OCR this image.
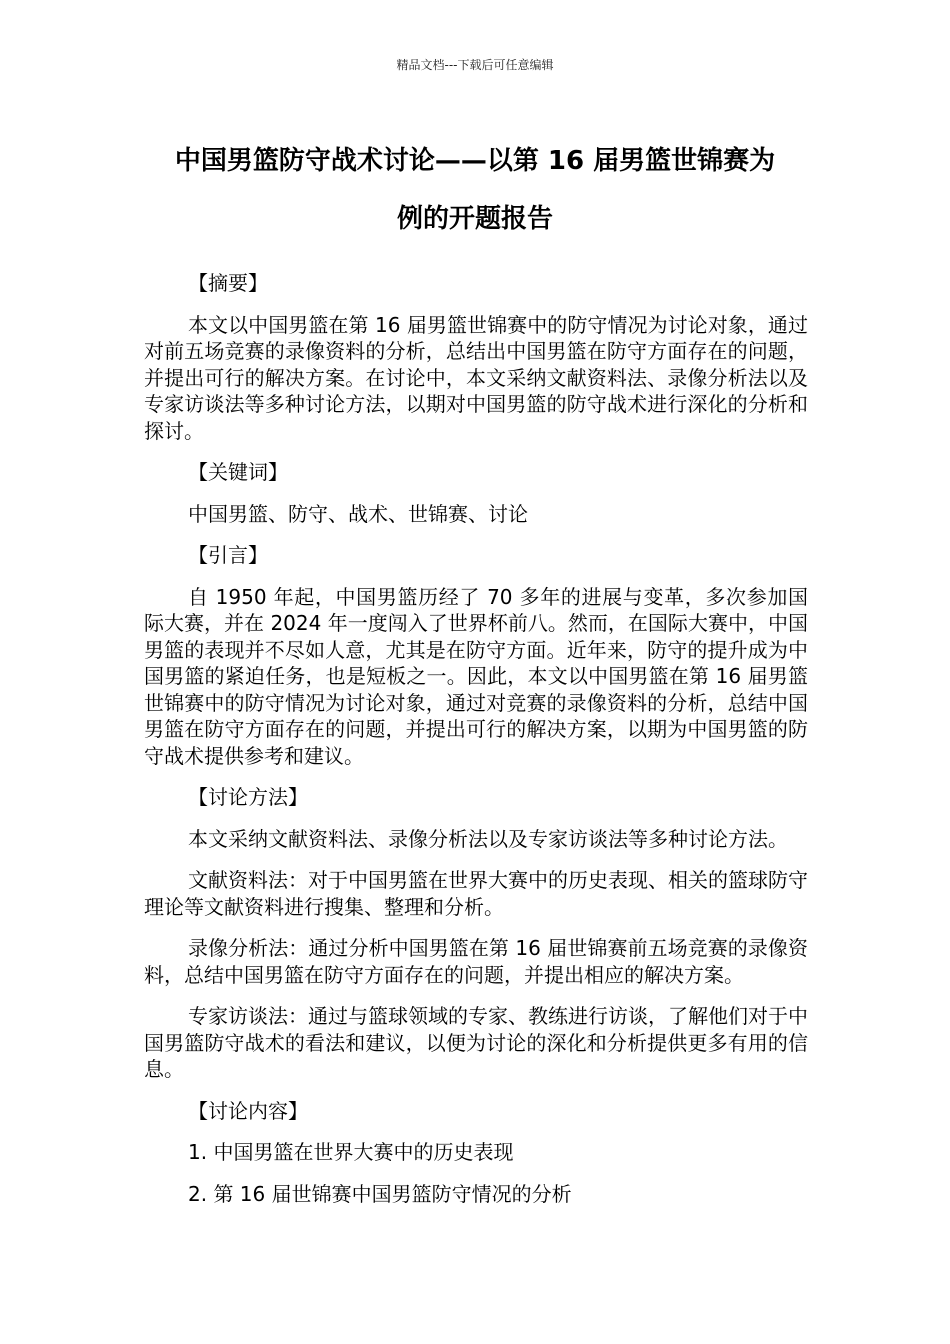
精品文档---下载后可任意编辑
中国男篮防守战术讨论——以第 16 届男篮世锦赛为
例的开题报告

【摘要】

本文以中国男篮在第 16 届男篮世锦赛中的防守情况为讨论对象，通过对前五场竞赛的录像资料的分析，总结出中国男篮在防守方面存在的问题，并提出可行的解决方案。在讨论中，本文采纳文献资料法、录像分析法以及专家访谈法等多种讨论方法，以期对中国男篮的防守战术进行深化的分析和探讨。

【关键词】

中国男篮、防守、战术、世锦赛、讨论

【引言】

自 1950 年起，中国男篮历经了 70 多年的进展与变革，多次参加国际大赛，并在 2024 年一度闯入了世界杯前八。然而，在国际大赛中，中国男篮的表现并不尽如人意，尤其是在防守方面。近年来，防守的提升成为中国男篮的紧迫任务，也是短板之一。因此，本文以中国男篮在第 16 届男篮世锦赛中的防守情况为讨论对象，通过对竞赛的录像资料的分析，总结中国男篮在防守方面存在的问题，并提出可行的解决方案，以期为中国男篮的防守战术提供参考和建议。

【讨论方法】

本文采纳文献资料法、录像分析法以及专家访谈法等多种讨论方法。

文献资料法：对于中国男篮在世界大赛中的历史表现、相关的篮球防守理论等文献资料进行搜集、整理和分析。

录像分析法：通过分析中国男篮在第 16 届世锦赛前五场竞赛的录像资料，总结中国男篮在防守方面存在的问题，并提出相应的解决方案。

专家访谈法：通过与篮球领域的专家、教练进行访谈，了解他们对于中国男篮防守战术的看法和建议，以便为讨论的深化和分析提供更多有用的信息。

【讨论内容】

1. 中国男篮在世界大赛中的历史表现

2. 第 16 届世锦赛中国男篮防守情况的分析
